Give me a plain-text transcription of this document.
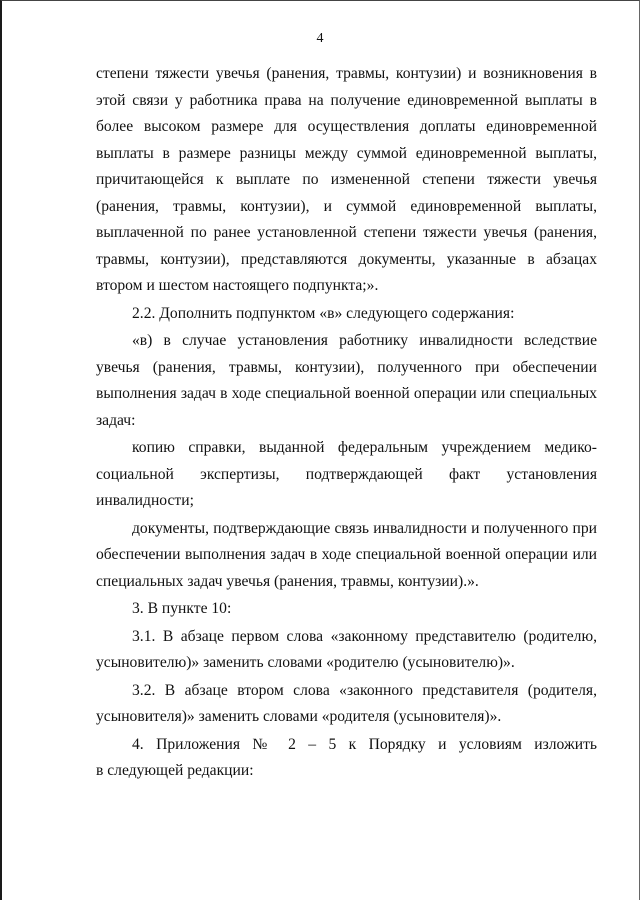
4

степени тяжести увечья (ранения, травмы, контузии) и возникновения в этой связи у работника права на получение единовременной выплаты в более высоком размере для осуществления доплаты единовременной выплаты в размере разницы между суммой единовременной выплаты, причитающейся к выплате по измененной степени тяжести увечья (ранения, травмы, контузии), и суммой единовременной выплаты, выплаченной по ранее установленной степени тяжести увечья (ранения, травмы, контузии), представляются документы, указанные в абзацах втором и шестом настоящего подпункта;».

2.2. Дополнить подпунктом «в» следующего содержания:

«в) в случае установления работнику инвалидности вследствие увечья (ранения, травмы, контузии), полученного при обеспечении выполнения задач в ходе специальной военной операции или специальных задач:

копию справки, выданной федеральным учреждением медико-социальной экспертизы, подтверждающей факт установления инвалидности;

документы, подтверждающие связь инвалидности и полученного при обеспечении выполнения задач в ходе специальной военной операции или специальных задач увечья (ранения, травмы, контузии).».

3. В пункте 10:

3.1. В абзаце первом слова «законному представителю (родителю, усыновителю)» заменить словами «родителю (усыновителю)».

3.2. В абзаце втором слова «законного представителя (родителя, усыновителя)» заменить словами «родителя (усыновителя)».

4. Приложения № 2 – 5 к Порядку и условиям изложить

в следующей редакции:
